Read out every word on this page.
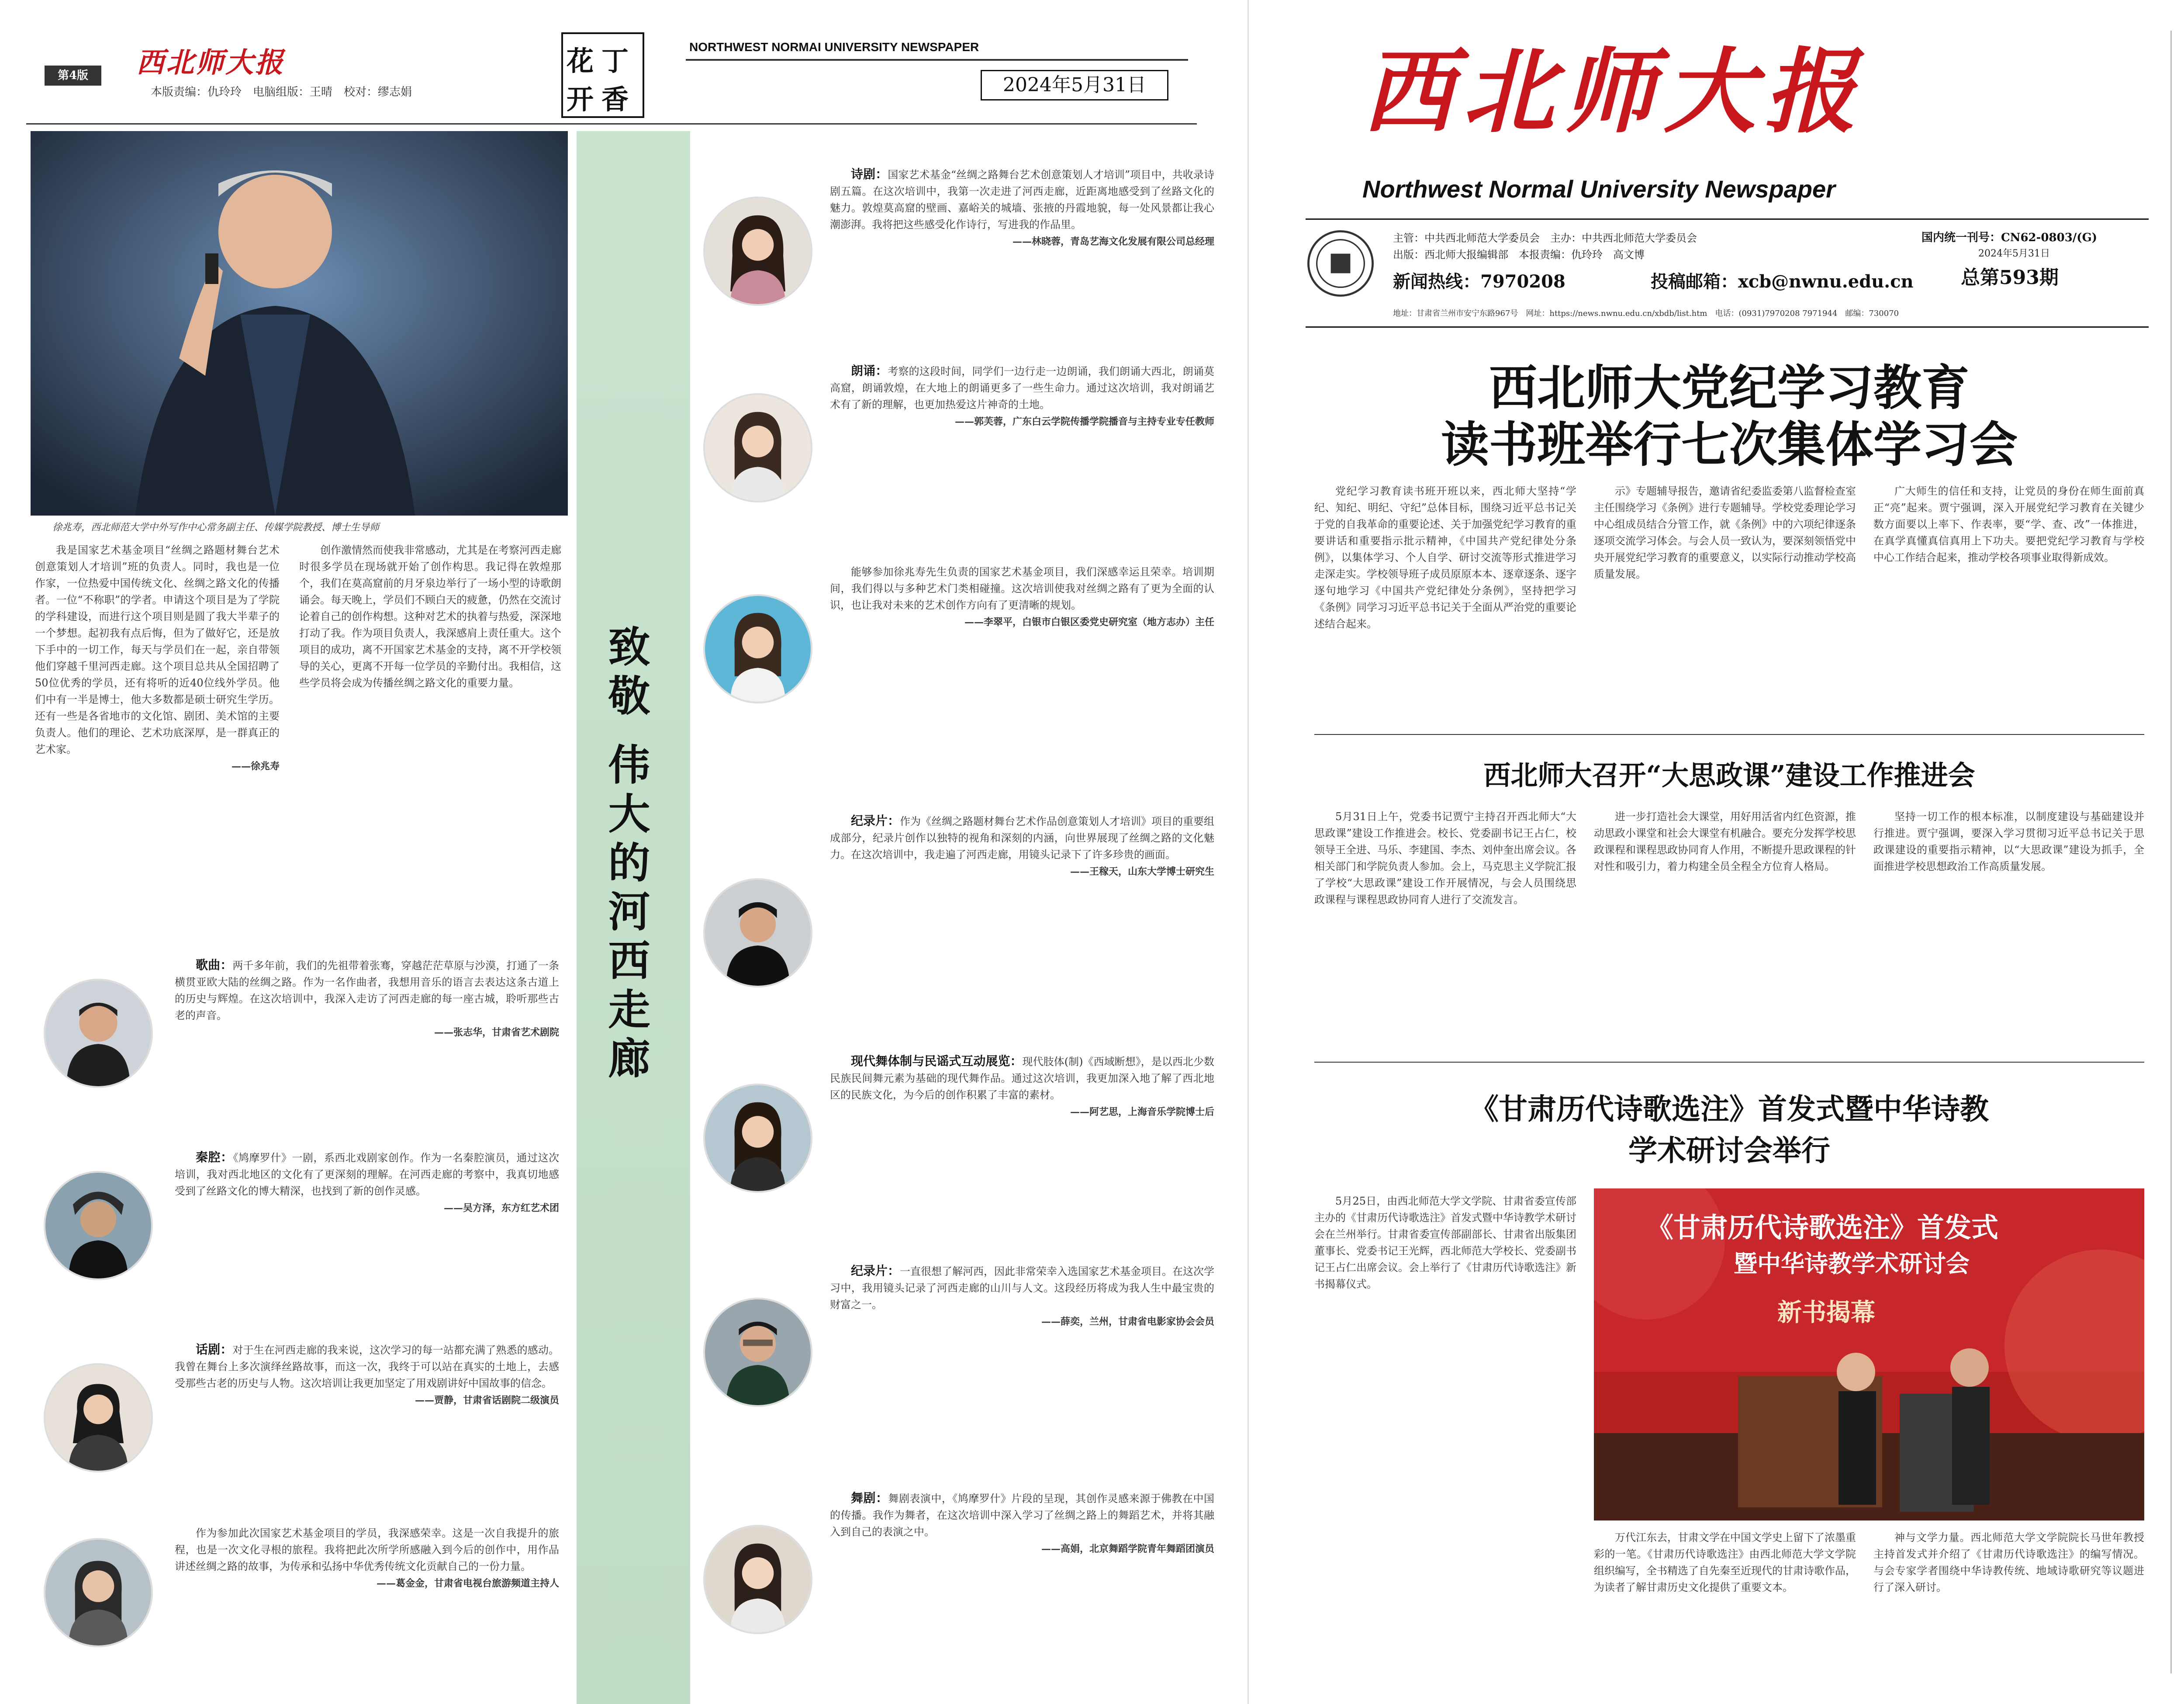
第4版	西北师大报
本版责编：仇玲玲　电脑组版：王晴　校对：缪志娟
花丁
开香
NORTHWEST NORMAI UNIVERSITY NEWSPAPER
2024年5月31日
徐兆寿，西北师范大学中外写作中心常务副主任、传媒学院教授、博士生导师

我是国家艺术基金项目“丝绸之路题材舞台艺术创意策划人才培训”班的负责人。同时，我也是一位作家，一位热爱中国传统文化、丝绸之路文化的传播者。一位“不称职”的学者。申请这个项目是为了学院的学科建设，而进行这个项目则是圆了我大半辈子的一个梦想。起初我有点后悔，但为了做好它，还是放下手中的一切工作，每天与学员们在一起，亲自带领他们穿越千里河西走廊。这个项目总共从全国招聘了50位优秀的学员，还有将听的近40位线外学员。他们中有一半是博士，他大多数都是硕士研究生学历。还有一些是各省地市的文化馆、剧团、美术馆的主要负责人。他们的理论、艺术功底深厚，是一群真正的艺术家。

——徐兆寿

创作激情然而使我非常感动，尤其是在考察河西走廊时很多学员在现场就开始了创作构思。我记得在敦煌那个，我们在莫高窟前的月牙泉边举行了一场小型的诗歌朗诵会。每天晚上，学员们不顾白天的疲惫，仍然在交流讨论着自己的创作构想。这种对艺术的执着与热爱，深深地打动了我。作为项目负责人，我深感肩上责任重大。这个项目的成功，离不开国家艺术基金的支持，离不开学校领导的关心，更离不开每一位学员的辛勤付出。我相信，这些学员将会成为传播丝绸之路文化的重要力量。	致敬
伟大的河西走廊

歌曲：两千多年前，我们的先祖带着张骞，穿越茫茫草原与沙漠，打通了一条横贯亚欧大陆的丝绸之路。作为一名作曲者，我想用音乐的语言去表达这条古道上的历史与辉煌。在这次培训中，我深入走访了河西走廊的每一座古城，聆听那些古老的声音。

——张志华，甘肃省艺术剧院

秦腔：《鸠摩罗什》一剧，系西北戏剧家创作。作为一名秦腔演员，通过这次培训，我对西北地区的文化有了更深刻的理解。在河西走廊的考察中，我真切地感受到了丝路文化的博大精深，也找到了新的创作灵感。

——吴方泽，东方红艺术团

话剧：对于生在河西走廊的我来说，这次学习的每一站都充满了熟悉的感动。我曾在舞台上多次演绎丝路故事，而这一次，我终于可以站在真实的土地上，去感受那些古老的历史与人物。这次培训让我更加坚定了用戏剧讲好中国故事的信念。

——贾静，甘肃省话剧院二级演员

作为参加此次国家艺术基金项目的学员，我深感荣幸。这是一次自我提升的旅程，也是一次文化寻根的旅程。我将把此次所学所感融入到今后的创作中，用作品讲述丝绸之路的故事，为传承和弘扬中华优秀传统文化贡献自己的一份力量。

——葛金金，甘肃省电视台旅游频道主持人

诗剧：国家艺术基金“丝绸之路舞台艺术创意策划人才培训”项目中，共收录诗剧五篇。在这次培训中，我第一次走进了河西走廊，近距离地感受到了丝路文化的魅力。敦煌莫高窟的壁画、嘉峪关的城墙、张掖的丹霞地貌，每一处风景都让我心潮澎湃。我将把这些感受化作诗行，写进我的作品里。

——林晓蓉，青岛艺海文化发展有限公司总经理

朗诵：考察的这段时间，同学们一边行走一边朗诵，我们朗诵大西北，朗诵莫高窟，朗诵敦煌，在大地上的朗诵更多了一些生命力。通过这次培训，我对朗诵艺术有了新的理解，也更加热爱这片神奇的土地。

——郭芙蓉，广东白云学院传播学院播音与主持专业专任教师

能够参加徐兆寿先生负责的国家艺术基金项目，我们深感幸运且荣幸。培训期间，我们得以与多种艺术门类相碰撞。这次培训使我对丝绸之路有了更为全面的认识，也让我对未来的艺术创作方向有了更清晰的规划。

——李翠平，白银市白银区委党史研究室（地方志办）主任

纪录片：作为《丝绸之路题材舞台艺术作品创意策划人才培训》项目的重要组成部分，纪录片创作以独特的视角和深刻的内涵，向世界展现了丝绸之路的文化魅力。在这次培训中，我走遍了河西走廊，用镜头记录下了许多珍贵的画面。

——王稼天，山东大学博士研究生

现代舞体制与民谣式互动展览：现代肢体(制)《西域断想》，是以西北少数民族民间舞元素为基础的现代舞作品。通过这次培训，我更加深入地了解了西北地区的民族文化，为今后的创作积累了丰富的素材。

——阿艺思，上海音乐学院博士后

纪录片：一直很想了解河西，因此非常荣幸入选国家艺术基金项目。在这次学习中，我用镜头记录了河西走廊的山川与人文。这段经历将成为我人生中最宝贵的财富之一。

——薛奕，兰州，甘肃省电影家协会会员

舞剧：舞剧表演中，《鸠摩罗什》片段的呈现，其创作灵感来源于佛教在中国的传播。我作为舞者，在这次培训中深入学习了丝绸之路上的舞蹈艺术，并将其融入到自己的表演之中。

——高娟，北京舞蹈学院青年舞蹈团演员

西北师大报
Northwest Normal University Newspaper
主管：中共西北师范大学委员会　主办：中共西北师范大学委员会
出版：西北师大报编辑部　本报责编：仇玲玲　高文博
国内统一刊号：CN62-0803/(G)
2024年5月31日
总第593期
新闻热线：7970208	投稿邮箱：xcb@nwnu.edu.cn
地址：甘肃省兰州市安宁东路967号　网址：https://news.nwnu.edu.cn/xbdb/list.htm　电话：(0931)7970208 7971944　邮编：730070
西北师大党纪学习教育
读书班举行七次集体学习会
党纪学习教育读书班开班以来，西北师大坚持“学纪、知纪、明纪、守纪”总体目标，围绕习近平总书记关于党的自我革命的重要论述、关于加强党纪学习教育的重要讲话和重要指示批示精神，《中国共产党纪律处分条例》，以集体学习、个人自学、研讨交流等形式推进学习走深走实。学校领导班子成员原原本本、逐章逐条、逐字逐句地学习《中国共产党纪律处分条例》，坚持把学习《条例》同学习习近平总书记关于全面从严治党的重要论述结合起来。
示》专题辅导报告，邀请省纪委监委第八监督检查室主任围绕学习《条例》进行专题辅导。学校党委理论学习中心组成员结合分管工作，就《条例》中的六项纪律逐条逐项交流学习体会。与会人员一致认为，要深刻领悟党中央开展党纪学习教育的重要意义，以实际行动推动学校高质量发展。
广大师生的信任和支持，让党员的身份在师生面前真正“亮”起来。贾宁强调，深入开展党纪学习教育在关键少数方面要以上率下、作表率，要“学、查、改”一体推进，在真学真懂真信真用上下功夫。要把党纪学习教育与学校中心工作结合起来，推动学校各项事业取得新成效。
西北师大召开“大思政课”建设工作推进会
5月31日上午，党委书记贾宁主持召开西北师大“大思政课”建设工作推进会。校长、党委副书记王占仁，校领导王全进、马乐、李建国、李杰、刘仲奎出席会议。各相关部门和学院负责人参加。会上，马克思主义学院汇报了学校“大思政课”建设工作开展情况，与会人员围绕思政课程与课程思政协同育人进行了交流发言。
进一步打造社会大课堂，用好用活省内红色资源，推动思政小课堂和社会大课堂有机融合。要充分发挥学校思政课程和课程思政协同育人作用，不断提升思政课程的针对性和吸引力，着力构建全员全程全方位育人格局。
坚持一切工作的根本标准，以制度建设与基础建设并行推进。贾宁强调，要深入学习贯彻习近平总书记关于思政课建设的重要指示精神，以“大思政课”建设为抓手，全面推进学校思想政治工作高质量发展。
《甘肃历代诗歌选注》首发式暨中华诗教
学术研讨会举行
5月25日，由西北师范大学文学院、甘肃省委宣传部主办的《甘肃历代诗歌选注》首发式暨中华诗教学术研讨会在兰州举行。甘肃省委宣传部副部长、甘肃省出版集团董事长、党委书记王光辉，西北师范大学校长、党委副书记王占仁出席会议。会上举行了《甘肃历代诗歌选注》新书揭幕仪式。
《甘肃历代诗歌选注》首发式
暨中华诗教学术研讨会
新书揭幕
万代江东去，甘肃文学在中国文学史上留下了浓墨重彩的一笔。《甘肃历代诗歌选注》由西北师范大学文学院组织编写，全书精选了自先秦至近现代的甘肃诗歌作品，为读者了解甘肃历史文化提供了重要文本。
神与文学力量。西北师范大学文学院院长马世年教授主持首发式并介绍了《甘肃历代诗歌选注》的编写情况。与会专家学者围绕中华诗教传统、地域诗歌研究等议题进行了深入研讨。
